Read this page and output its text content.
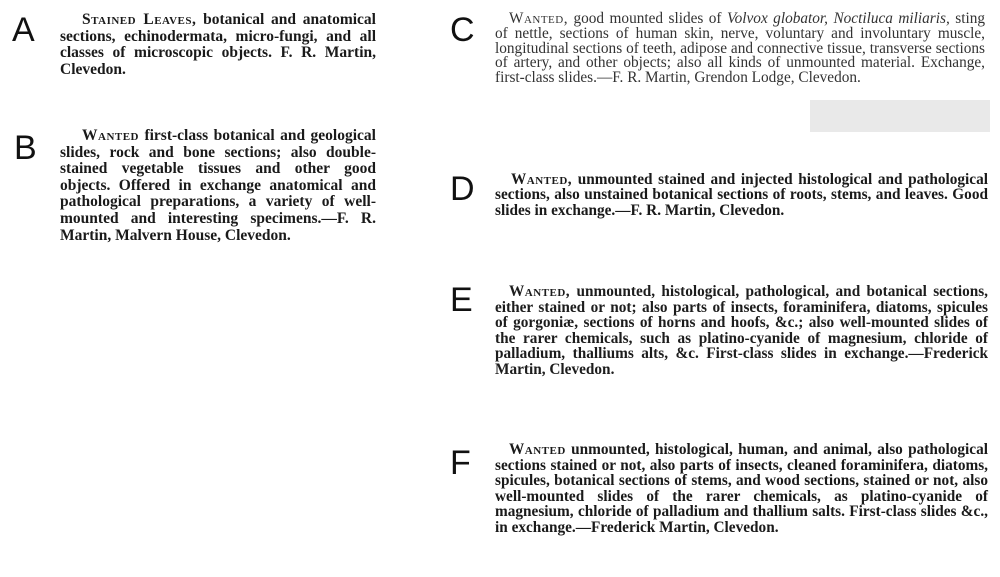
A	Stained Leaves, botanical and anatomical sections, echinodermata, micro-fungi, and all classes of microscopic objects. F. R. Martin, Clevedon.

B	Wanted first-class botanical and geological slides, rock and bone sections; also double-stained vegetable tissues and other good objects. Offered in exchange anatomical and pathological preparations, a variety of well-mounted and interesting specimens.—F. R. Martin, Malvern House, Clevedon.

C	Wanted, good mounted slides of Volvox globator, Noctiluca miliaris, sting of nettle, sections of human skin, nerve, voluntary and involuntary muscle, longitudinal sections of teeth, adipose and connective tissue, transverse sections of artery, and other objects; also all kinds of unmounted material. Exchange, first-class slides.—F. R. Martin, Grendon Lodge, Clevedon.

D	Wanted, unmounted stained and injected histological and pathological sections, also unstained botanical sections of roots, stems, and leaves. Good slides in exchange.—F. R. Martin, Clevedon.

E	Wanted, unmounted, histological, pathological, and botanical sections, either stained or not; also parts of insects, foraminifera, diatoms, spicules of gorgoniæ, sections of horns and hoofs, &c.; also well-mounted slides of the rarer chemicals, such as platino-cyanide of magnesium, chloride of palladium, thalliums alts, &c. First-class slides in exchange.—Frederick Martin, Clevedon.

F	Wanted unmounted, histological, human, and animal, also pathological sections stained or not, also parts of insects, cleaned foraminifera, diatoms, spicules, botanical sections of stems, and wood sections, stained or not, also well-mounted slides of the rarer chemicals, as platino-cyanide of magnesium, chloride of palladium and thallium salts. First-class slides &c., in exchange.—Frederick Martin, Clevedon.
